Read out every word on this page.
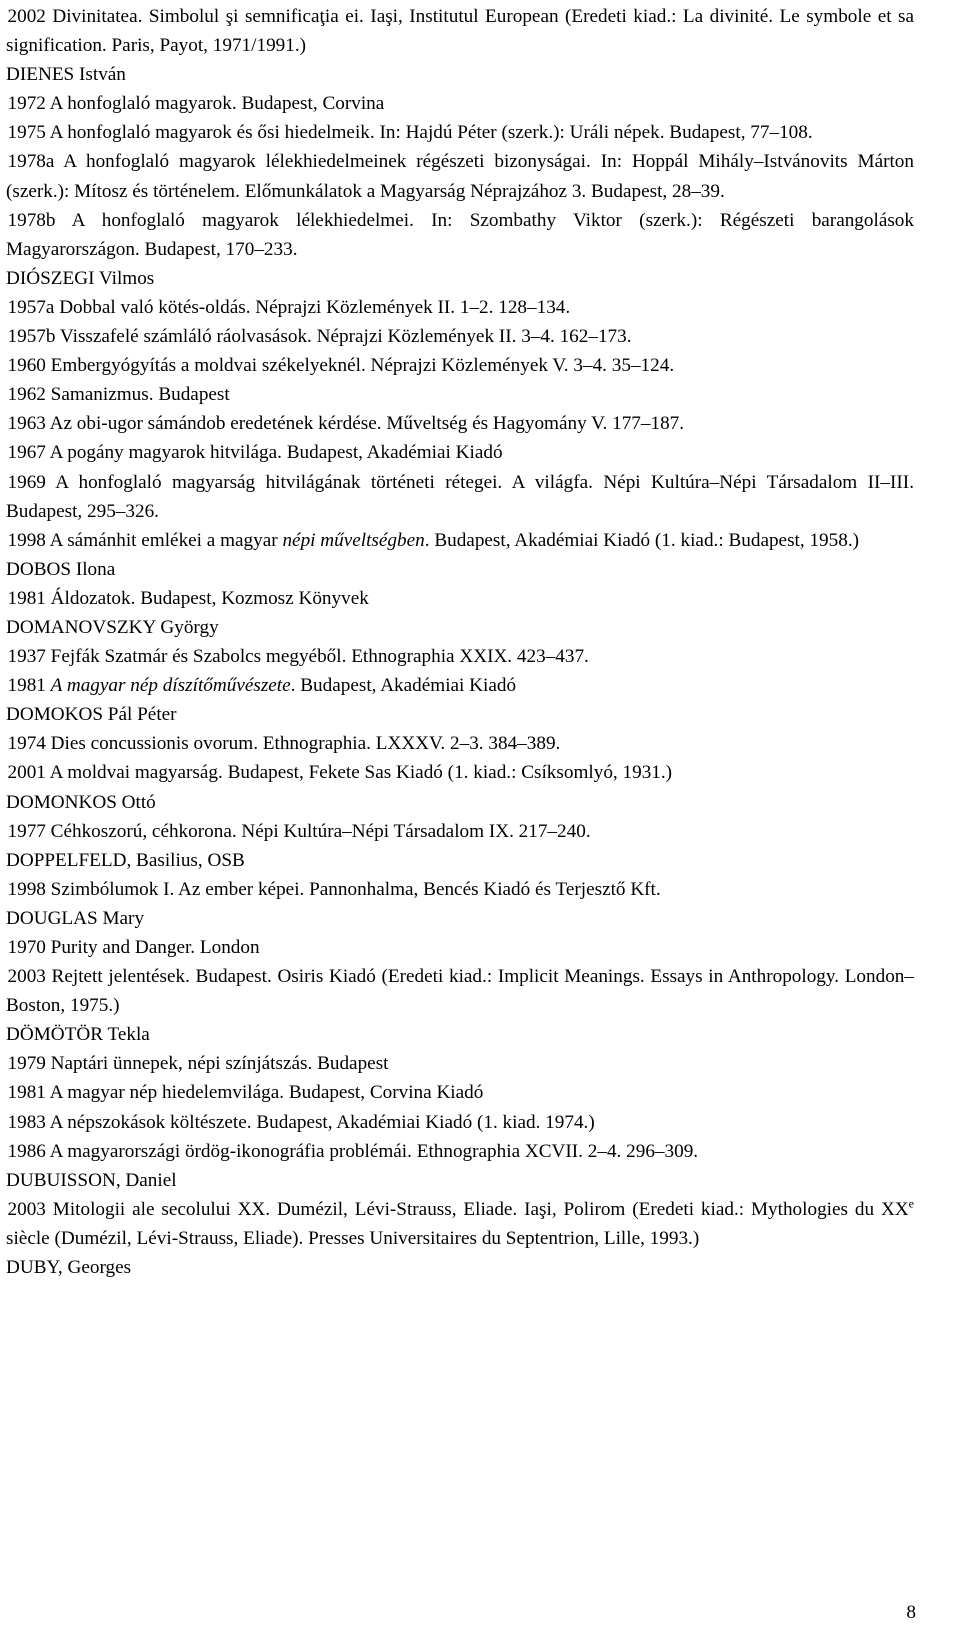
2002 Divinitatea. Simbolul şi semnificaţia ei. Iaşi, Institutul European (Eredeti kiad.: La divinité. Le symbole et sa signification. Paris, Payot, 1971/1991.)

DIENES István

1972 A honfoglaló magyarok. Budapest, Corvina

1975 A honfoglaló magyarok és ősi hiedelmeik. In: Hajdú Péter (szerk.): Uráli népek. Budapest, 77–108.

1978a A honfoglaló magyarok lélekhiedelmeinek régészeti bizonyságai. In: Hoppál Mihály–Istvánovits Márton (szerk.): Mítosz és történelem. Előmunkálatok a Magyarság Néprajzához 3. Budapest, 28–39.

1978b A honfoglaló magyarok lélekhiedelmei. In: Szombathy Viktor (szerk.): Régészeti barangolások Magyarországon. Budapest, 170–233.

DIÓSZEGI Vilmos

1957a Dobbal való kötés-oldás. Néprajzi Közlemények II. 1–2. 128–134.

1957b Visszafelé számláló ráolvasások. Néprajzi Közlemények II. 3–4. 162–173.

1960 Embergyógyítás a moldvai székelyeknél. Néprajzi Közlemények V. 3–4. 35–124.

1962 Samanizmus. Budapest

1963 Az obi-ugor sámándob eredetének kérdése. Műveltség és Hagyomány V. 177–187.

1967 A pogány magyarok hitvilága. Budapest, Akadémiai Kiadó

1969 A honfoglaló magyarság hitvilágának történeti rétegei. A világfa. Népi Kultúra–Népi Társadalom II–III. Budapest, 295–326.

1998 A sámánhit emlékei a magyar népi műveltségben. Budapest, Akadémiai Kiadó (1. kiad.: Budapest, 1958.)

DOBOS Ilona

1981 Áldozatok. Budapest, Kozmosz Könyvek

DOMANOVSZKY György

1937 Fejfák Szatmár és Szabolcs megyéből. Ethnographia XXIX. 423–437.

1981 A magyar nép díszítőművészete. Budapest, Akadémiai Kiadó

DOMOKOS Pál Péter

1974 Dies concussionis ovorum. Ethnographia. LXXXV. 2–3. 384–389.

2001 A moldvai magyarság. Budapest, Fekete Sas Kiadó (1. kiad.: Csíksomlyó, 1931.)

DOMONKOS Ottó

1977 Céhkoszorú, céhkorona. Népi Kultúra–Népi Társadalom IX. 217–240.

DOPPELFELD, Basilius, OSB

1998 Szimbólumok I. Az ember képei. Pannonhalma, Bencés Kiadó és Terjesztő Kft.

DOUGLAS Mary

1970 Purity and Danger. London

2003 Rejtett jelentések. Budapest. Osiris Kiadó (Eredeti kiad.: Implicit Meanings. Essays in Anthropology. London–Boston, 1975.)

DÖMÖTÖR Tekla

1979 Naptári ünnepek, népi színjátszás. Budapest

1981 A magyar nép hiedelemvilága. Budapest, Corvina Kiadó

1983 A népszokások költészete. Budapest, Akadémiai Kiadó (1. kiad. 1974.)

1986 A magyarországi ördög-ikonográfia problémái. Ethnographia XCVII. 2–4. 296–309.

DUBUISSON, Daniel

2003 Mitologii ale secolului XX. Dumézil, Lévi-Strauss, Eliade. Iaşi, Polirom (Eredeti kiad.: Mythologies du XXe siècle (Dumézil, Lévi-Strauss, Eliade). Presses Universitaires du Septentrion, Lille, 1993.)

DUBY, Georges

8
